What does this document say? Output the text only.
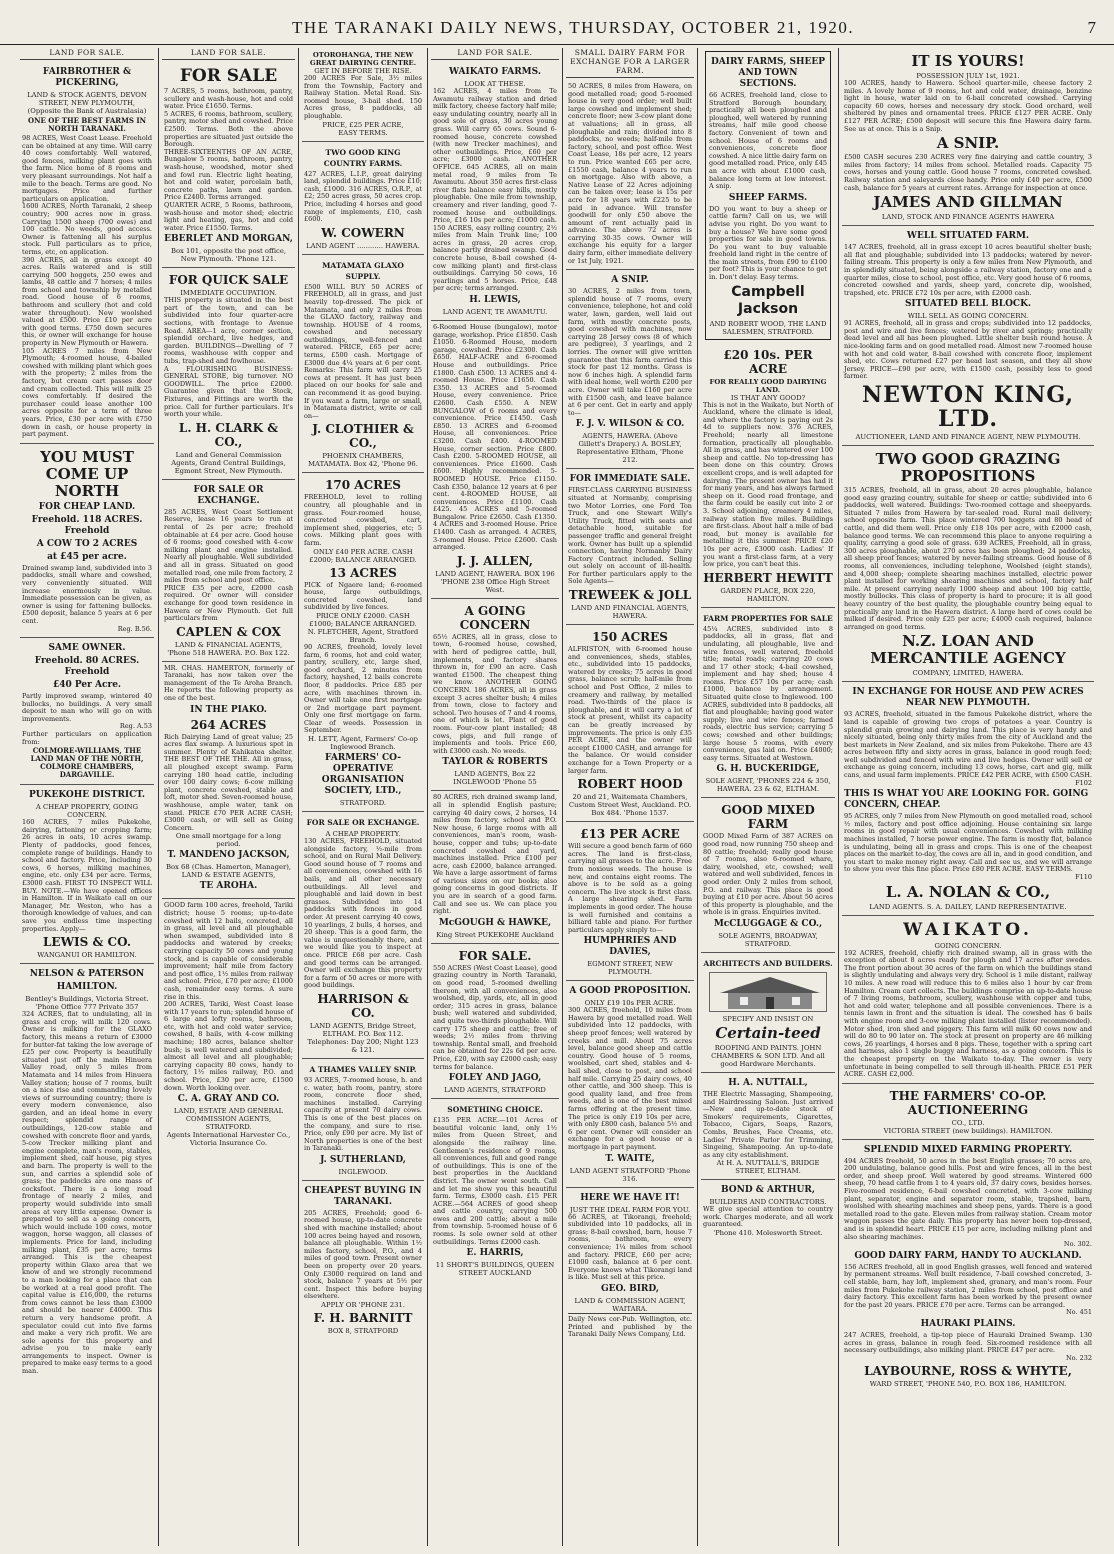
THE TARANAKI DAILY NEWS, THURSDAY, OCTOBER 21, 1920.	7
LAND FOR SALE.
FAIRBROTHER & PICKERING,

LAND & STOCK AGENTS, DEVON STREET, NEW PLYMOUTH, (Opposite the Bank of Australasia)

ONE OF THE BEST FARMS IN NORTH TARANAKI.

98 ACRES, West Coast Lease. Freehold can be obtained at any time. Will carry 40 cows comfortably. Well watered, good fences, milking plant goes with the farm. Nice home of 8 rooms and very pleasant surroundings. Not half a mile to the beach. Terms are good. No mortgages. Price and further particulars on application.

1600 ACRES, North Taranaki, 2 sheep country; 900 acres now in grass. Carrying 1500 sheep (700 ewes) and 100 cattle. No weeds, good access. Owner is fattening all his surplus stock. Full particulars as to price, terms, etc, on application.

390 ACRES, all in grass except 40 acres. Rails watered and is still carrying 500 hoggets, 250 ewes and lambs, 48 cattle and 7 horses; 4 miles from school and township by metalled road. Good house of 6 rooms, bathroom and scullery (hot and cold water throughout). New woolshed valued at £500. Price £10 per acre with good terms. £750 down secures this, or owner will exchange for house property in New Plymouth or Hawera.

105 ACRES 7 miles from New Plymouth; 4-roomed house, 4-bailed cowshed with milking plant which goes with the property; 2 miles from the factory, but cream cart passes door and cream collected. This will milk 25 cows comfortably. If desired the purchaser could lease another 100 acres opposite for a term of three years. Price, £30 per acre with £750 down in cash, or house property in part payment.

YOU MUST COME UP NORTH
FOR CHEAP LAND.
Freehold. 118 ACRES. Freehold
A COW TO 2 ACRES
at £45 per acre.

Drained swamp land, subdivided into 3 paddocks, small whare and cowshed, very conveniently situated. Will increase enormously in value. Immediate possession can be given, as owner is using for fattening bullocks. £500 deposit, balance 5 years at 6 per cent.

Reg. B.56.

SAME OWNER.
Freehold. 80 ACRES. Freehold
£40 Per Acre.

Partly improved swamp, wintered 40 bullocks, no buildings. A very small deposit to man who will go on with improvements.

Reg. A.53

Further particulars on application from:

COLMORE-WILLIAMS, THE LAND MAN OF THE NORTH, COLMORE CHAMBERS, DARGAVILLE.

PUKEKOHE DISTRICT.

A CHEAP PROPERTY, GOING CONCERN.

160 ACRES, 7 miles Pukekohe, dairying, fattening or cropping farm; 26 acres in oats, 10 acres swamp. Plenty of paddocks, good fences, complete range of buildings. Handy to school and factory. Price, including 30 cows, 6 horses, milking machines, engine, etc. only £34 per acre. Terms, £3000 cash. FIRST TO INSPECT WILL BUY. NOTE.—We have opened offices in Hamilton. If in Waikato call on our Manager, Mr. Weston, who has a thorough knowledge of values, and can save you endless time inspecting properties. Apply—

LEWIS & CO.

WANGANUI OR HAMILTON.

NELSON & PATERSON
HAMILTON.

Bentley's Buildings, Victoria Street. 'Phone Office 777 Private 357

324 ACRES, flat to undulating, all in grass and crop; will milk 120 cows. Owner is milking for the GLAXO factory, this means a return of £3000 for butter-fat taking the low average of £25 per cow. Property is beautifully situated just off the main Hinuera Valley road, only 5 miles from Matamata and 14 miles from Hinuera Valley station; house of 7 rooms, built on a nice rise and commanding lovely views of surrounding country; there is every modern convenience, also garden, and an ideal home in every respect; splendid range of outbuildings, 120-cow stable and cowshed with concrete floor and yards, 5-cow Trecker milking plant and engine complete, man's room, stables, implement shed, calf house, pig styes and barn. The property is well to the sun, and carries a splendid sole of grass; the paddocks are one mass of cocksfoot. There is a long road frontage of nearly 2 miles, and property would subdivide into small areas at very little expense. Owner is prepared to sell as a going concern, which would include 100 cows, motor waggon, horse waggon, all classes of implements. Price for land, including milking plant, £35 per acre; terms arranged. This is the cheapest property within Glaxo area that we know of and we strongly recommend to a man looking for a place that can be worked at a real good profit. The capital value is £16,000, the returns from cows cannot be less than £3000 and should be nearer £4000. This return a very handsome profit. A speculator could cut into five farms and make a very rich profit. We are sole agents for this property and advise you to make early arrangements to inspect. Owner is prepared to make easy terms to a good man.

LAND FOR SALE.
FOR SALE

7 ACRES, 5 rooms, bathroom, pantry, scullery and wash-house, hot and cold water. Price £1650. Terms.

5 ACRES, 6 rooms, bathroom, scullery, pantry, motor shed and cowshed. Price £2500. Terms. Both the above properties are situated just outside the Borough.

THREE-SIXTEENTHS OF AN ACRE, Bungalow 5 rooms, bathroom, pantry, wash-house, woodshed, motor shed and fowl run. Electric light heating, hot and cold water, porcelain bath, concrete paths, lawn and garden. Price £2400. Terms arranged.

QUARTER ACRE, 5 Rooms, bathroom, wash-house and motor shed; electric light and heating, gas, hot and cold water. Price £1550. Terms.

EBERLET AND MORGAN,

Box 101, opposite the post office, New Plymouth. 'Phone 121.

FOR QUICK SALE

IMMEDIATE OCCUPATION.

THIS property is situated in the best part of the town, and can be subdivided into four quarter-acre sections, with frontage to Avenue Road. AREA—1 acre, corner section, splendid orchard, live hedges, and garden. BUILDINGS—Dwelling of 7 rooms, washhouse with copper and tubs, trap-shed and fowlhouse.

A FLOURISHING BUSINESS: GENERAL STORE, big turnover. NO GOODWILL. The price £2000. Guarantee given that the Stock, Fixtures, and Fittings are worth the price. Call for further particulars. It's worth your while.

L. H. CLARK & CO.,

Land and General Commission Agents, Grand Central Buildings, Egmont Street, New Plymouth.

FOR SALE OR EXCHANGE.

285 ACRES, West Coast Settlement Reserve, lease 16 years to run at rental of 2s per acre; freehold obtainable at £4 per acre. Good house of 6 rooms; good cowshed with 4-cow milking plant and engine installed. Nearly all ploughable. Well subdivided and all in grass. Situated on good metalled road, one mile from factory, 2 miles from school and post office.

PRICE £35 per acre, £2000 cash required. Or owner will consider exchange for good town residence in Hawera or New Plymouth. Get full particulars from

CAPLEN & COX

LAND & FINANCIAL AGENTS, 'Phone 518 HAWERA. P.O. Box 122.

MR. CHAS. HAMERTON, formerly of Taranaki, has now taken over the management of the Te Aroha Branch. He reports the following property as one of the best.

IN THE PIAKO.
264 ACRES

Rich Dairying Land of great value; 25 acres flax swamp. A luxurious spot in summer. Plenty of Kahikatea shelter. THE BEST OF THE THE. All in grass, all ploughed except swamp. Farm carrying 180 head cattle, including over 100 dairy cows; 6-cow milking plant, concrete cowshed, stable and loft, motor shed. Seven-roomed house, washhouse, ample water, tank on stand. PRICE £70 PER ACRE CASH; £3000 cash, or will sell as Going Concern.

One small mortgage for a long period.

T. MANDENO JACKSON,

Box 68 (Chas. Hamerton, Manager), LAND & ESTATE AGENTS,

TE AROHA.

GOOD farm 100 acres, freehold, Tariki district; house 5 rooms; up-to-date cowshed with 12 bails, concreted, all in grass, all level and all ploughable when swamped, subdivided into 8 paddocks and watered by creeks; carrying capacity 50 cows and young stock, and is capable of considerable improvement; half mile from factory and post office, 1½ miles from railway and school. Price, £70 per acre; £1000 cash, remainder easy terms. A sure rise in this.

200 ACRES, Tariki, West Coast lease with 17 years to run; splendid house of 6 large and lofty rooms, bathroom, etc, with hot and cold water service; cowshed, 8 bails, with 4-cow milking machine; 180 acres, balance shelter bush; is well watered and subdivided; almost all level and all ploughable; carrying capacity 80 cows, handy to factory, 1½ miles railway, P.O. and school. Price, £30 per acre, £1500 down. Worth looking over.

C. A. GRAY AND CO.

LAND, ESTATE AND GENERAL COMMISSION AGENTS, STRATFORD.

Agents International Harvester Co., Victoria Insurance Co.

OTOROHANGA, THE NEW GREAT DAIRYING CENTRE.

GET IN BEFORE THE RISE.

200 ACRES For Sale, 3½ miles from the Township, Factory and Railway Station. Metal Road. Six-roomed house, 3-bail shed. 150 Acres grass, 8 paddocks, all ploughable.

PRICE, £25 PER ACRE,

EASY TERMS.

TWO GOOD KING COUNTRY FARMS.

427 ACRES, L.I.P., great dairying land, splendid buildings. Price £10; cash, £1000. 316 ACRES, O.R.P., at £2; 250 acres grass, 50 acres crop. Price, including 4 horses and good range of implements, £10, cash £600.

W. COWERN

LAND AGENT ............ HAWERA.

MATAMATA GLAXO SUPPLY.

£500 WILL BUY 50 ACRES of FREEHOLD, all in grass, and just heavily top-dressed. The pick of Matamata, and only 2 miles from the GLAXO factory, railway and township. HOUSE of 4 rooms, cowshed and necessary outbuildings, well-fenced and watered. PRICE, £65 per acre; terms, £500 cash. Mortgage of £3000 due 4¼ years at 6 per cent. Remarks: This farm will carry 25 cows at present. It has just been placed on our books for sale and can recommend it as good buying. If you want a farm, large or small, in Matamata district, write or call on—

J. CLOTHIER & CO.,

PHOENIX CHAMBERS, MATAMATA. Box 42, 'Phone 96.

170 ACRES

FREEHOLD, level to rolling country, all ploughable and in grass. Four-roomed house, concreted cowshed, cart, implement shed, piggeries, etc; 5 cows. Milking plant goes with farm.

ONLY £40 PER ACRE. CASH £2000; BALANCE ARRANGED.

13 ACRES

PICK of Ngaere land; 6-roomed house, large outbuildings, concreted cowshed, land subdivided by live fences.

PRICE ONLY £2000. CASH £1000; BALANCE ARRANGED.

N. FLETCHER, Agent, Stratford Branch.

90 ACRES, freehold, lovely level farm, 6 rooms, hot and cold water, pantry, scullery, etc, large shed, good orchard, 2 minutes from factory, hayshed, 12 bails concrete floor, 8 paddocks. Price £85 per acre, with machines thrown in. Owner will take one first mortgage or 2nd mortgage part payment. Only one first mortgage on farm. Clear of weeds. Possession in September.

H. LETT, Agent, Farmers' Co-op Inglewood Branch.

FARMERS' CO-OPERATIVE ORGANISATION SOCIETY, LTD.,

STRATFORD.

FOR SALE OR EXCHANGE.

A CHEAP PROPERTY.

130 ACRES, FREEHOLD, situated alongside factory, ½-mile from school, and on Rural Mail Delivery. Good sound house of 7 rooms and all conveniences, cowshed with 16 bails, and all other necessary outbuildings. All level and ploughable and laid down in best grasses. Subdivided into 14 paddocks with fences in good order. At present carrying 40 cows, 10 yearlings, 2 bulls, 4 horses, and 20 sheep. This is a good farm, the value is unquestionably there, and we would like you to inspect at once. PRICE £68 per acre. Cash and good terms can be arranged. Owner will exchange this property for a farm of 50 acres or more with good buildings.

HARRISON & CO.

LAND AGENTS, Bridge Street, ELTHAM. P.O. Box 112. Telephones: Day 200; Night 123 & 121.

A THAMES VALLEY SNIP.

93 ACRES, 7-roomed house, h. and c. water, bath room, pantry, store room, concrete floor shed, machines installed. Carrying capacity at present 70 dairy cows. This is one of the best places on the company, and sure to rise. Price, only £90 per acre. My list of North properties is one of the best in Taranaki.

J. SUTHERLAND,

INGLEWOOD.

CHEAPEST BUYING IN TARANAKI.

205 ACRES, Freehold; good 6-roomed house, up-to-date concrete shed with machine installed; about 100 acres being hayed and resown, balance all ploughable. Within 1½ miles factory, school, P.O., and 4 miles of good town. Present owner been on property over 20 years. Only £3000 required on land and stock, balance 7 years at 5½ per cent. Inspect this before buying elsewhere.

APPLY OR 'PHONE 231.

F. H. BARNITT

BOX 8, STRATFORD

LAND FOR SALE.
WAIKATO FARMS.

LOOK AT THESE.

162 ACRES, 4 miles from Te Awamutu railway station and dried milk factory, cheese factory half mile; easy undulating country, nearly all in good sole of grass, 30 acres young grass. Will carry 65 cows. Sound 6-roomed house, concrete cowshed (with new Trecker machines), and other outbuildings. Price, £60 per acre; £3000 cash. ANOTHER OFFICE. 645 ACRES, all on main metal road, 9 miles from Te Awamutu. About 350 acres first-class river flats balance easy hills, mostly ploughable. One mile from township, creamery and river landing, good 7-roomed house and outbuildings. Price, £16 10s per acre; £1000 cash. 150 ACRES, easy rolling country, 2½ miles from Main Trunk line; 100 acres in grass, 20 acres crop, balance partly drained swamp. Good concrete house, 8-bail cowshed (4-cow milking plant) and first-class outbuildings. Carrying 50 cows, 16 yearlings and 5 horses. Price, £48 per acre; terms arranged.

H. LEWIS,

LAND AGENT, TE AWAMUTU.

6-Roomed House (bungalow), motor garage, workshop. Price £1850. Cash £1050. 6-Roomed House, modern garage, cowshed. Price £2300. Cash £650. HALF-ACRE and 6-roomed House and outbuildings. Price £1800. Cash £500. 13 ACRES and 4-roomed House. Price £1650. Cash £350. 13 ACRES and 5-roomed House, every convenience. Price £2600. Cash £550. A NEW BUNGALOW of 6 rooms and every convenience. Price £1450. Cash £850. 13 ACRES and 6-roomed House, all conveniences. Price £3200. Cash £400. 4-ROOMED House, corner section. Price £800. Cash £200. 5-ROOMED HOUSE, all conveniences. Price £1600. Cash £600. Highly recommended. 5-ROOMED HOUSE. Price £1150. Cash £350, balance 12 years at 6 per cent. 4-ROOMED HOUSE, all conveniences. Price £1100. Cash £425. 45 ACRES and 5-roomed Bungalow. Price £2650. Cash £1350. 4 ACRES and 3-roomed House. Price £1400. Cash as arranged. 4 ACRES, 3-roomed House. Price £2600. Cash arranged.

J. J. ALLEN,

LAND AGENT, HAWERA. BOX 196 'PHONE 238 Office High Street West.

A GOING CONCERN

65½ ACRES, all in grass, close to town, 6-roomed house, cowshed, with herd of pedigree cattle, bull, implements, and factory shares thrown in, for £90 an acre. Cash wanted £1500. The cheapest thing we know. ANOTHER GOING CONCERN. 186 ACRES, all in grass except 3 acres shelter bush; 4 miles from town, close to factory and school. Two houses of 7 and 4 rooms, one of which is let. Plant of good room. Four-cow plant installed; 48 cows, pigs, and full range of implements and tools. Price £60, with £3000 cash. No weeds.

TAYLOR & ROBERTS

LAND AGENTS, Box 22 INGLEWOOD 'Phone 55

80 ACRES, rich drained swamp land, all in splendid English pasture; carrying 40 dairy cows, 2 horses, 14 miles from factory, school and P.O. New house, 6 large rooms with all conveniences, man's room, wash-house, copper and tubs; up-to-date concreted cowshed and yard, machines installed. Price £100 per acre, cash £2000, balance arranged. We have a large assortment of farms of various sizes on our books; also going concerns in good districts. If you are in search of a good farm. Call and see us. We can place you right.

McGOUGH & HAWKE,

King Street PUKEKOHE Auckland

FOR SALE.

550 ACRES (West Coast Lease), good grazing country in North Taranaki, on good road, 5-roomed dwelling thereon, with all conveniences, also woolshed, dip, yards, etc, all in good order; 315 acres in grass, balance bush; well watered and subdivided, and quite two-thirds ploughable. Will carry 175 sheep and cattle; free of weeds; 2½ miles from thriving township. Rental small, and freehold can be obtained for 22s 6d per acre. Price, £20, with say £2000 cash; easy terms for balance.

FOLEY AND JAGO,

LAND AGENTS, STRATFORD

SOMETHING CHOICE.

£135 PER ACRE.—101 Acres of beautiful volcanic land, only 1½ miles from Queen Street, and alongside the railway line. Gentlemen's residence of 9 rooms, all conveniences, full and good range of outbuildings. This is one of the best properties in the Auckland district. The owner went south. Call and let me show you this beautiful farm. Terms, £3000 cash. £15 PER ACRE.—564 ACRES of good sheep and cattle country, carrying 500 ewes and 200 cattle; about a mile from township. 5-roomed house of 6 rooms. Is sole owner sold at other outbuildings. Terms £2000 cash.

E. HARRIS,

11 SHORT'S BUILDINGS, QUEEN STREET AUCKLAND

SMALL DAIRY FARM FOR EXCHANGE FOR A LARGER FARM.

50 ACRES, 8 miles from Hawera, on good metalled road; good 5-roomed house in very good order; well built large cowshed and implement shed; concrete floor; new 3-cow plant done at valuations; all in grass, all ploughable and rain; divided into 8 paddocks, no weeds; half-mile from factory, school, and post office. West Coast Lease, 18s per acre, 12 years to run. Price wanted £65 per acre, £1550 cash, balance 4 years to run on mortgage. Also with above, a Native Lease of 22 Acres adjoining can be taken over; lease is 15s per acre for 18 years with £225 to be paid in advance. Will transfer goodwill for only £50 above the amount of rent actually paid in advance. The above 72 acres is carrying 30-35 cows. Owner will exchange his equity for a larger dairy farm, either immediate delivery or 1st July, 1921.

A SNIP.

30 ACRES, 2 miles from town, splendid house of 7 rooms, every convenience, telephone, hot and cold water, lawn, garden, well laid out farm, with mostly concrete posts, good cowshed with machines, now carrying 28 Jersey cows (8 of which are pedigree), 3 yearlings, and 2 lorries. The owner will give written guarantee that this farm carried this stock for past 12 months. Grass is now 6 inches high. A splendid farm with ideal home, well worth £200 per acre. Owner will take £160 per acre with £1500 cash, and leave balance at 6 per cent. Get in early and apply to—

F. J. V. WILSON & CO.

AGENTS, HAWERA. (Above Gillett's Drapery.) A. BOSLEY, Representative Eltham, 'Phone 212.

FOR IMMEDIATE SALE.

FIRST-CLASS CARRYING BUSINESS situated at Normanby, comprising two Motor Lorries, one Ford Ton Truck, and one Stewart Willy's Utility Truck, fitted with seats and detachable hood, suitable for passenger traffic and general freight work. Owner has built up a splendid connection, having Normanby Dairy Factory Contract included. Selling out solely on account of ill-health. For further particulars apply to the Sole Agents—

TREWEEK & JOLL

LAND AND FINANCIAL AGENTS, HAWERA.

150 ACRES

ALFRISTON, with 6-roomed house and conveniences, sheds, stables, etc., subdivided into 15 paddocks, watered by creeks; 75 acres in good grass, balance scrub; half-mile from school and Post Office, 2 miles to creamery and railway, by metalled road. Two-thirds of the place is ploughable, and it will carry a lot of stock at present, whilst its capacity can be greatly increased by improvements. The price is only £35 PER ACRE, and the owner will accept £1000 CASH, and arrange for the balance. Or would consider exchange for a Town Property or a larger farm.

ROBERT HOOD

20 and 21, Waitemata Chambers, Custom Street West, Auckland. P.O. Box 484. 'Phone 1537.

£13 PER ACRE

Will secure a good bench farm of 660 acres. The land is first-class, carrying all grasses to the acre. Free from noxious weeds. The house is new, and contains eight rooms. The above is to be sold as a going concern. The live stock is first class. A large shearing shed. Farm implements in good order. The house is well furnished and contains a billiard table and piano. For further particulars apply simply to—

HUMPHRIES AND DAVIES,

EGMONT STREET, NEW PLYMOUTH.

A GOOD PROPOSITION.

ONLY £19 10s PER ACRE.

300 ACRES, freehold, 10 miles from Hawera by good metalled road. Well subdivided into 12 paddocks, with sheep proof fences; well watered by creeks and mill. About 75 acres level, balance good sheep and cattle country. Good house of 5 rooms, woolshed, cart shed, stables and 4-bail shed, close to post, and school half mile. Carrying 25 dairy cows, 40 other cattle, and 300 sheep. This is good quality land, and free from weeds, and is one of the best mixed farms offering at the present time. The price is only £19 10s per acre, with only £800 cash, balance 5½ and 6 per cent. Owner will consider an exchange for a good house or a mortgage in part payment.

T. WAITE,

LAND AGENT STRATFORD 'Phone 316.

HERE WE HAVE IT!

JUST THE IDEAL FARM FOR YOU.

66 ACRES, at Tikorangi, freehold; subdivided into 10 paddocks, all in grass; 8-bail cowshed, barn, house 7 rooms, bathroom, every convenience; 1¼ miles from school and factory. PRICE, £60 per acre; £1000 cash, balance at 6 per cent. Everyone knows what Tikorangi land is like. Must sell at this price.

GEO. BIRD,

LAND & COMMISSION AGENT, WAITARA.

Daily News cor-Pub. Wellington, etc. Printed and published by the Taranaki Daily News Company, Ltd.

DAIRY FARMS, SHEEP AND TOWN SECTIONS.

66 ACRES, freehold land, close to Stratford Borough boundary, practically all been ploughed and ploughed, well watered by running streams, half mile good cheese factory. Convenient of town and school. House of 6 rooms and conveniences, concrete floor cowshed. A nice little dairy farm on good metalled road. Price, only £45 an acre with about £1000 cash, balance long term at low interest. A snip.

SHEEP FARMS.

DO you want to buy a sheep or cattle farm? Call on us, we will advise you right. Do you want to buy a house? We have some good properties for sale in good towns. Do you want to buy valuable freehold land right in the centre of the main streets, from £90 to £100 per foot? This is your chance to get in. Don't delay. Easy terms.

Campbell Jackson

AND ROBERT WOOD, THE LAND SALESMEN, STRATFORD.

£20 10s. PER ACRE

FOR REALLY GOOD DAIRYING LAND.

IS THAT ANY GOOD?

This is not in the Waikato, but North of Auckland, where the climate is ideal, and where the factory is paying out 2s 4d to suppliers now. 376 ACRES, Freehold; nearly all limestone formation, practically all ploughable. All in grass, and has wintered over 100 sheep and cattle. No top-dressing has been done on this country. Grows excellent crops, and is well adapted for dairying. The present owner has had it for many years, and has always farmed sheep on it. Good road frontage, and the farm could be easily cut into 2 or 3. School adjoining, creamery 4 miles, railway station five miles. Buildings are first-class. About half a mile of bad road, but money is available for metalling it this summer. PRICE £20 10s per acre, £3000 cash. Ladies' If you want a first-class farm, at a very low price, you can't beat this.

HERBERT HEWITT

GARDEN PLACE, BOX 220, HAMILTON.

FARM PROPERTIES FOR SALE

45¼ ACRES, subdivided into 8 paddocks, all in grass, flat and undulating, all ploughable, live and wire fences, well watered, freehold title; metal roads; carrying 20 cows and 17 other stock; 4-bail cowshed, implement and hay shed; house 4 rooms. Price £57 10s per acre; cash £1000, balance by arrangement. Situated quite close to Inglewood. 100 ACRES, subdivided into 8 paddocks, all flat and ploughable; having good water supply; live and wire fences; farmed roads, electric bus service; carrying 5 cows; cowshed and other buildings; large house 5 rooms, with every convenience, gas laid on. Price £4000; easy terms. Situated at Westown.

G. H. BUCKERIDGE,

SOLE AGENT, 'PHONES 224 & 350, HAWERA. 23 & 62, ELTHAM.

GOOD MIXED FARM

GOOD Mixed Farm of 387 ACRES on good road, now running 750 sheep and 80 cattle; freehold; really good house of 7 rooms, also 6-roomed whare, dairy, woolshed, etc, cowshed; well watered and well subdivided, fences in good order. Only 2 miles from school, P.O. and railway. This place is good buying at £10 per acre. About 50 acres of this property is ploughable, and the whole is in grass. Enquiries invited.

McCLUGGAGE & CO.,

SOLE AGENTS, BROADWAY, STRATFORD.

ARCHITECTS AND BUILDERS.

SPECIFY AND INSIST ON

Certain-teed

ROOFING AND PAINTS. JOHN CHAMBERS & SON LTD. And all good Hardware Merchants.

H. A. NUTTALL,

THE Electric Massaging, Shampooing, and Hairdressing Saloon. Just arrived—New and up-to-date stock of Smokers' requirements, Cigarettes, Tobacco, Cigars, Soaps, Razors, Combs, Brushes, Face Creams, etc. Ladies' Private Parlor for Trimming, Singeing, Shampooing. An up-to-date as any city establishment.

At H. A. NUTTALL'S, BRIDGE STREET, ELTHAM.

BOND & ARTHUR,

BUILDERS AND CONTRACTORS.

WE give special attention to country work. Charges moderate, and all work guaranteed.

'Phone 410. Molesworth Street.

IT IS YOURS!

POSSESSION JULY 1st, 1921.

100 ACRES, handy to Hawera. School quarter-mile, cheese factory 2 miles. A lovely home of 9 rooms, hot and cold water, drainage, benzine light in house, water laid on to 6-bail concreted cowshed. Carrying capacity 60 cows, horses and necessary dry stock. Good orchard, well sheltered by pines and ornamental trees. PRICE £127 PER ACRE. Only £127 PER ACRE; £500 deposit will secure this fine Hawera dairy farm. See us at once. This is a Snip.

A SNIP.

£500 CASH secures 230 ACRES very fine dairying and cattle country, 3 miles from factory; 14 miles from school. Metalled roads. Capacity 75 cows, horses and young cattle. Good house 7 rooms, concreted cowshed. Railway station and saleyards close handy. Price only £40 per acre, £500 cash, balance for 5 years at current rates. Arrange for inspection at once.

JAMES AND GILLMAN

LAND, STOCK AND FINANCE AGENTS HAWERA

WELL SITUATED FARM.

147 ACRES, freehold, all in grass except 10 acres beautiful shelter bush; all flat and ploughable; subdivided into 13 paddocks; watered by never-failing stream. This property is only a few miles from New Plymouth, and in splendidly situated, being alongside a railway station, factory one and a quarter miles, close to school, post office, etc. Very good house of 6 rooms, concreted cowshed and yards, sheep yard, concrete dip, woolshed, trapshed, etc. PRICE £72 10s per acre, with £2000 cash.

SITUATED BELL BLOCK.

WILL SELL AS GOING CONCERN.

91 ACRES, freehold, all in grass and crops; subdivided into 12 paddocks, post and wire and live fences; watered by river and springs; practically dead level and all has been ploughed. Little shelter bush round house. A nice-looking farm and on good metalled road. Almost new 7-roomed house with hot and cold water, 8-bail cowshed with concrete floor, implement shed, etc. Cows returned £27 per head last season, and they all show Jersey. PRICE—£90 per acre, with £1500 cash, possibly less to good farmer.

NEWTON KING, LTD.

AUCTIONEER, LAND AND FINANCE AGENT, NEW PLYMOUTH.

TWO GOOD GRAZING PROPOSITIONS

315 ACRES, freehold, all in grass, about 20 acres ploughable, balance good easy grazing country, suitable for sheep or cattle; subdivided into 6 paddocks, well watered. Buildings: Two-roomed cottage and sheepyards. Situated 7 miles from Hawera by tar-sealed road. Rural mail delivery; school opposite farm. This place wintered 700 hoggets and 80 head of cattle, and did them well. Price only £18 10s per acre, with £2000 cash, balance good terms. We can recommend this place to anyone requiring a quality, carrying a good sole of grass. 639 ACRES, Freehold, all in grass, 300 acres ploughable, about 270 acres has been ploughed; 24 paddocks, all sheep proof fences; watered by never-failing streams. Good house of 8 rooms, all conveniences, including telephone, Woolshed (eight stands), and 4,000 sheep; complete shearing machines installed, electric power plant installed for working shearing machines and school, factory half mile. At present carrying nearly 1000 sheep and about 100 big cattle, mostly bullocks. This class of property is hard to procure; it is all good heavy country of the best quality, the ploughable country being equal to practically any land in the Hawera district. A large herd of cows could be milked if desired. Price only £25 per acre; £4000 cash required, balance arranged on good terms.

N.Z. LOAN AND MERCANTILE AGENCY

COMPANY, LIMITED, HAWERA.

IN EXCHANGE FOR HOUSE AND PEW ACRES NEAR NEW PLYMOUTH.

93 ACRES, freehold, situated in the famous Pukekohe district, where the land is capable of growing two crops of potatoes a year. Country is splendid grain growing and dairying land. This place is very handy and nicely situated, being only thirty miles from the city of Auckland and the best markets in New Zealand, and six miles from Pukekohe. There are 43 acres between fifty and sixty acres in grass, balance in good rough feed; well subdivided and fenced with wire and live hedges. Owner will sell or exchange as going concern, including 13 cows, horse, cart and gig, milk cans, and usual farm implements. PRICE £42 PER ACRE, with £500 CASH.

F102

THIS IS WHAT YOU ARE LOOKING FOR. GOING CONCERN, CHEAP.

95 ACRES, only 7 miles from New Plymouth on good metalled road, school ½ miles, factory and post office adjoining. House containing six large rooms in good repair with usual conveniences. Cowshed with milking machines installed, 7 horse power engine. The farm is mostly flat, balance is undulating, being all in grass and crops. This is one of the cheapest places on the market to-day, the cows are all in, and in good condition, and you start to make money right away. Call and see us, and we will arrange to show you over this fine place. Price £80 PER ACRE. EASY TERMS.

F110

L. A. NOLAN & CO.,

LAND AGENTS. S. A. DAILEY, LAND REPRESENTATIVE.

WAIKATO.

GOING CONCERN.

192 ACRES, freehold, chiefly rich drained swamp, all in grass with the exception of about 8 acres ready for plough and 17 acres after swedes. The front portion about 30 acres of the farm on which the buildings stand is slightly undulating and always very dry. School is 1 mile distant, railway 10 miles. A new road will reduce this to 6 miles also 1 hour by car from Hamilton. Cream cart collects. The buildings comprise an up-to-date house of 7 living rooms, bathroom, scullery, washhouse with copper and tubs, hot and cold water, telephone and all possible conveniences. There is a tennis lawn in front and the situation is ideal. The cowshed has 6 bails with engine room and 3-cow milking plant installed (lister recommended). Motor shed, iron shed and piggery. This farm will milk 60 cows now and will do 80 to 90 later on. The stock at present on property are 46 milking cows, 26 yearlings, 4 horses and 8 pigs. These, together with a spring cart and harness, also 1 single buggy and harness, as a going concern. This is the cheapest property on the Waikato to-day. The owner is very unfortunate in being compelled to sell through ill-health. PRICE £51 PER ACRE. CASH £2,000.

THE FARMERS' CO-OP. AUCTIONEERING

CO., LTD.

VICTORIA STREET (new buildings). HAMILTON.

SPLENDID MIXED FARMING PROPERTY.

494 ACRES freehold, 50 acres in the best English grasses; 70 acres are, 200 undulating, balance good hills. Post and wire fences, all in the best order, and sheep proof. Well watered by good streams. Wintered 600 sheep, 70 head cattle from 1 to 4 years old, 37 dairy cows, besides horses. Five-roomed residence, 6-bail cowshed concreted, with 3-cow milking plant, separator, engine and separator room, stable, trapshed, barn, woolshed with shearing machines and sheep pens, yards. There is a good metalled road to the gate. Eleven miles from railway station. Cream motor waggon passes the gate daily. This property has never been top-dressed, and is in splendid heart. PRICE £15 per acre, including milking plant and also shearing machines.

No. 302.

GOOD DAIRY FARM, HANDY TO AUCKLAND.

156 ACRES freehold, all in good English grasses, well fenced and watered by permanent streams. Well built residence, 7-bail cowshed concreted, 3-cell stable, barn, hay loft, implement shed, granary, and man's room. Four miles from Pukekohe railway station, 2 miles from school, post office and dairy factory. This excellent farm has been worked by the present owner for the past 20 years. PRICE £70 per acre. Terms can be arranged.

No. 451

HAURAKI PLAINS.

247 ACRES, freehold, a tip-top piece of Hauraki Drained Swamp. 130 acres in grass, balance in rough feed. Six-roomed residence with all necessary outbuildings, also milking plant. PRICE £47 per acre.

No. 232

LAYBOURNE, ROSS & WHYTE,

WARD STREET, 'PHONE 540, P.O. BOX 186, HAMILTON.
